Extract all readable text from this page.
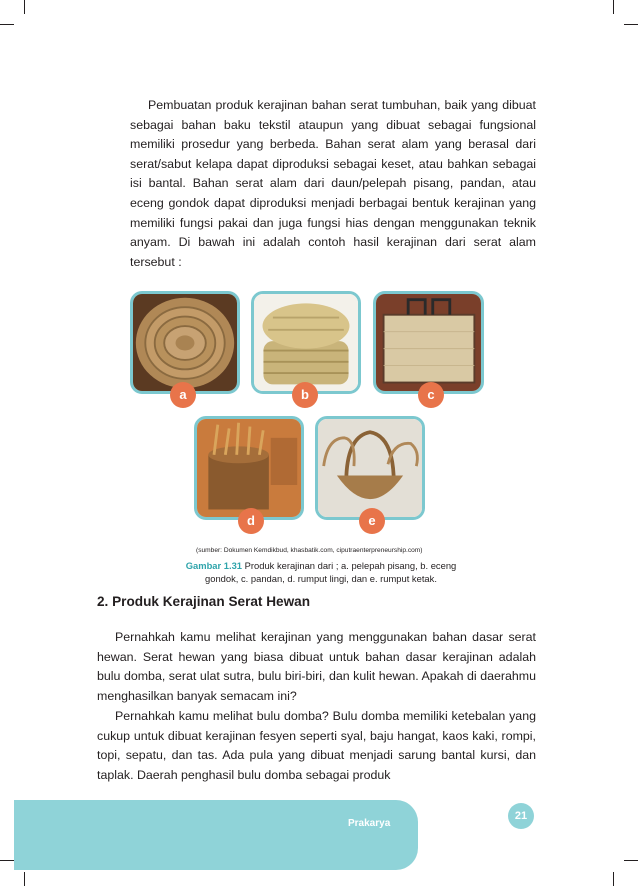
Pembuatan produk kerajinan bahan serat tumbuhan, baik yang dibuat sebagai bahan baku tekstil ataupun yang dibuat sebagai fungsional memiliki prosedur yang berbeda. Bahan serat alam yang berasal dari serat/sabut kelapa dapat diproduksi sebagai keset, atau bahkan sebagai isi bantal. Bahan serat alam dari daun/pelepah pisang, pandan, atau eceng gondok dapat diproduksi menjadi berbagai bentuk kerajinan yang memiliki fungsi pakai dan juga fungsi hias dengan menggunakan teknik anyam. Di bawah ini adalah contoh hasil kerajinan dari serat alam tersebut :

a	b	c
d	e
(sumber: Dokumen Kemdikbud, khasbatik.com, ciputraenterpreneurship.com)
Gambar 1.31 Produk kerajinan dari ; a. pelepah pisang, b. eceng gondok, c. pandan, d. rumput lingi, dan e. rumput ketak.
2. Produk Kerajinan Serat Hewan

Pernahkah kamu melihat kerajinan yang menggunakan bahan dasar serat hewan. Serat hewan yang biasa dibuat untuk bahan dasar kerajinan adalah bulu domba, serat ulat sutra, bulu biri-biri, dan kulit hewan. Apakah di daerahmu menghasilkan banyak semacam ini?

Pernahkah kamu melihat bulu domba? Bulu domba memiliki ketebalan yang cukup untuk dibuat kerajinan fesyen seperti syal, baju hangat, kaos kaki, rompi, topi, sepatu, dan tas. Ada pula yang dibuat menjadi sarung bantal kursi, dan taplak. Daerah penghasil bulu domba sebagai produk

Prakarya
21
